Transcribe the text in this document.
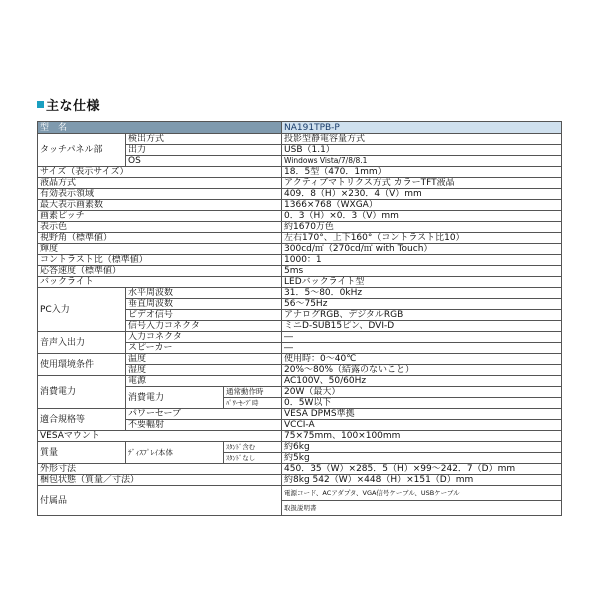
主な仕様
型　名			NA191TPB-P
タッチパネル部	検出方式		投影型静電容量方式
	出力		USB（1.1）
	OS		Windows Vista/7/8/8.1
サイズ（表示サイズ）			18．5型（470．1mm）
液晶方式			アクティブマトリクス方式 カラーTFT液晶
有効表示領域			409．8（H）×230．4（V）mm
最大表示画素数			1366×768（WXGA）
画素ピッチ			0．3（H）×0．3（V）mm
表示色			約1670万色
視野角（標準値）			左右170°、上下160°（コントラスト比10）
輝度			300cd/㎡（270cd/㎡ with Touch）
コントラスト比（標準値）			1000：1
応答速度（標準値）			5ms
バックライト			LEDバックライト型
PC入力	水平周波数		31．5～80．0kHz
	垂直周波数		56～75Hz
	ビデオ信号		アナログRGB、デジタルRGB
	信号入力コネクタ		ミニD-SUB15ピン、DVI-D
音声入出力	入力コネクタ		―
	スピーカー		―
使用環境条件	温度		使用時：0～40℃
	湿度		20%～80%（結露のないこと）
消費電力	電源		AC100V、50/60Hz
	消費電力	通常動作時	20W（最大）
		ﾊﾟﾜｰｾｰﾌﾞ時	0．5W以下
適合規格等	パワーセーブ		VESA DPMS準拠
	不要輻射		VCCI-A
VESAマウント			75×75mm、100×100mm
質量	ﾃﾞｨｽﾌﾟﾚｲ本体	ｽﾀﾝﾄﾞ含む	約6kg
		ｽﾀﾝﾄﾞなし	約5kg
外形寸法			450．35（W）×285．5（H）×99～242．7（D）mm
梱包状態（質量／寸法）			約8kg 542（W）×448（H）×151（D）mm
付属品			電源コード、ACアダプタ、VGA信号ケーブル、USBケーブル
			取扱説明書
